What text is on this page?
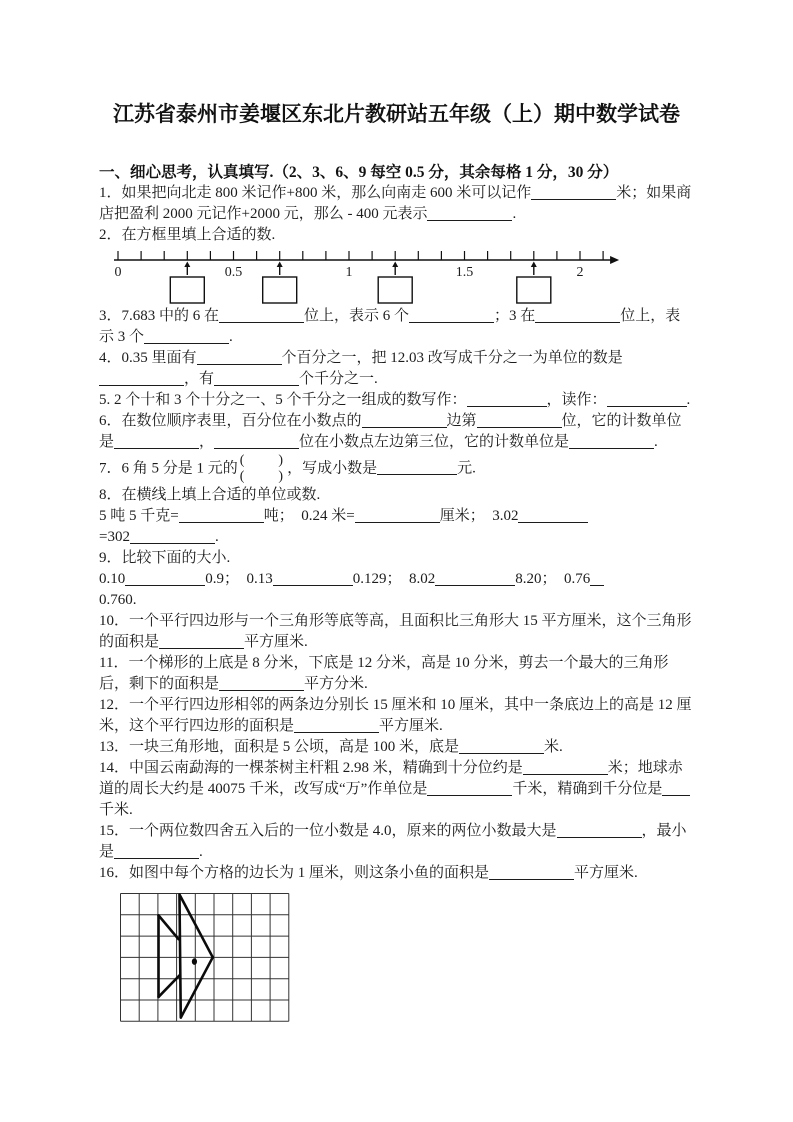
江苏省泰州市姜堰区东北片教研站五年级（上）期中数学试卷
一、细心思考，认真填写.（2、3、6、9 每空 0.5 分，其余每格 1 分，30 分）
1．如果把向北走 800 米记作+800 米，那么向南走 600 米可以记作	米；如果商店把盈利 2000 元记作+2000 元，那么 - 400 元表示	.
2．在方框里填上合适的数.
0	0.5	1	1.5	2
3．7.683 中的 6 在	位上，表示 6 个	；3 在	位上，表示 3 个	.
4．0.35 里面有	个百分之一，把 12.03 改写成千分之一为单位的数是，有	个千分之一.
5. 2 个十和 3 个十分之一、5 个千分之一组成的数写作：	，读作：	.
6．在数位顺序表里，百分位在小数点的	边第	位，它的计数单位是	，	位在小数点左边第三位，它的计数单位是	.
7．6 角 5 分是 1 元的 (　　)
(　　)
，写成小数是	元.
8．在横线上填上合适的单位或数.
5 吨 5 千克=	吨；　0.24 米=	厘米；　3.02
=302	.
9．比较下面的大小.
0.10	0.9；　0.13	0.129；　8.02	8.20；　0.76
0.760.
10．一个平行四边形与一个三角形等底等高，且面积比三角形大 15 平方厘米，这个三角形的面积是	平方厘米.
11．一个梯形的上底是 8 分米，下底是 12 分米，高是 10 分米，剪去一个最大的三角形后，剩下的面积是	平方分米.
12．一个平行四边形相邻的两条边分别长 15 厘米和 10 厘米，其中一条底边上的高是 12 厘米，这个平行四边形的面积是	平方厘米.
13．一块三角形地，面积是 5 公顷，高是 100 米，底是	米.
14．中国云南勐海的一棵茶树主杆粗 2.98 米，精确到十分位约是	米；地球赤道的周长大约是 40075 千米，改写成“万”作单位是	千米，精确到千分位是
千米.
15．一个两位数四舍五入后的一位小数是 4.0，原来的两位小数最大是	，最小是	.
16．如图中每个方格的边长为 1 厘米，则这条小鱼的面积是	平方厘米.
